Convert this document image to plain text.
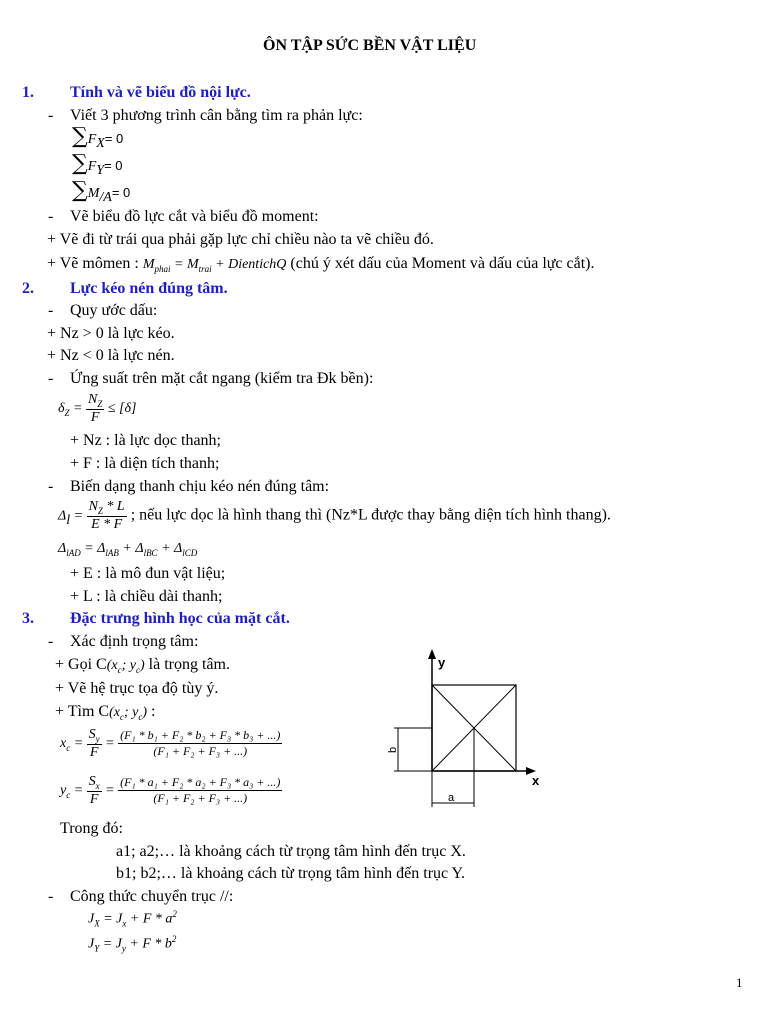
ÔN TẬP SỨC BỀN VẬT LIỆU
1. Tính và vẽ biểu đồ nội lực.
- Viết 3 phương trình cân bằng tìm ra phản lực:
$\sum F_X= 0$
$\sum F_Y= 0$
$\sum M_{/A}= 0$
- Vẽ biểu đồ lực cắt và biểu đồ moment:
+ Vẽ đi từ trái qua phải gặp lực chỉ chiều nào ta vẽ chiều đó.
+ Vẽ mômen : $M_{phai} = M_{trai}$ + DientichQ (chú ý xét dấu của Moment và dấu của lực cắt).
2. Lực kéo nén đúng tâm.
- Quy ước dấu:
+ Nz > 0 là lực kéo.
+ Nz < 0 là lực nén.
- Ứng suất trên mặt cắt ngang (kiểm tra Đk bền):
$\delta_Z = \frac{N_Z}{F} \le [\delta]$
+ Nz : là lực dọc thanh;
+ F : là diện tích thanh;
- Biến dạng thanh chịu kéo nén đúng tâm:
$\Delta_l = \frac{N_Z * L}{E * F}$ ; nếu lực dọc là hình thang thì (Nz*L được thay bằng diện tích hình thang).
$\Delta_{lAD} = \Delta_{lAB} + \Delta_{lBC} + \Delta_{lCD}$
+ E : là mô đun vật liệu;
+ L : là chiều dài thanh;
3. Đặc trưng hình học của mặt cắt.
- Xác định trọng tâm:
+ Gọi $C(x_c$; $y_c$) là trọng tâm.
+ Vẽ hệ trục tọa độ tùy ý.
+ Tìm $C(x_c$; $y_c$) :
$x_c = \frac{S_y}{F} = \frac{\text{(F₁ * b₁ + F₂ * b₂ + F₃ * b₃ + ...)}}{\text{(F₁ + F₂ + F₃ + ...)}}$
$y_c = \frac{S_x}{F} = \frac{\text{(F₁ * a₁ + F₂ * a₂ + F₃ * a₃ + ...)}}{\text{(F₁ + F₂ + F₃ + ...)}}$
Trong đó:
a1; a2;… là khoảng cách từ trọng tâm hình đến trục X.
b1; b2;… là khoảng cách từ trọng tâm hình đến trục Y.
- Công thức chuyển trục //:
$J_X = J_x + F * a^2$
$J_Y = J_y + F * b^2$
y
x
b
a
1
